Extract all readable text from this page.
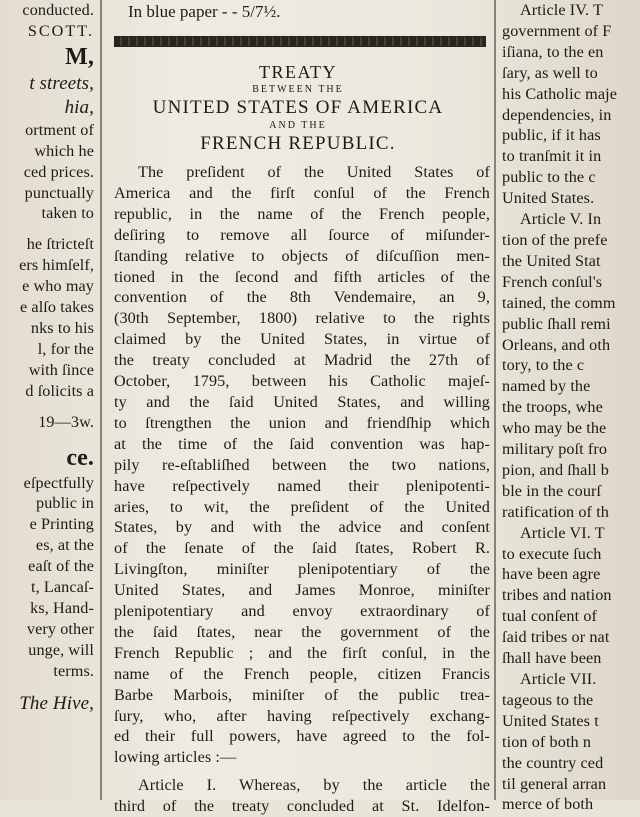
conducted.
SCOTT.
M,
t streets,
hia,
ortment of
which he
ced prices.
punctually
taken to
he ſtricteſt
ers himſelf,
e who may
e alſo takes
nks to his
l, for the
with ſince
d ſolicits a
19—3w.
ce.
eſpectfully
public in
e Printing
es, at the
eaſt of the
t, Lancaſ-
ks, Hand-
very other
unge, will
terms.
The Hive,
In blue paper - - 5/7½.
TREATY
BETWEEN THE
UNITED STATES OF AMERICA
AND THE
FRENCH REPUBLIC.
The preſident of the United States of
America and the firſt conſul of the French
republic, in the name of the French people,
deſiring to remove all ſource of miſunder-
ſtanding relative to objects of diſcuſſion men-
tioned in the ſecond and fifth articles of the
convention of the 8th Vendemaire, an 9,
(30th September, 1800) relative to the rights
claimed by the United States, in virtue of
the treaty concluded at Madrid the 27th of
October, 1795, between his Catholic majeſ-
ty and the ſaid United States, and willing
to ſtrengthen the union and friendſhip which
at the time of the ſaid convention was hap-
pily re-eſtabliſhed between the two nations,
have reſpectively named their plenipotenti-
aries, to wit, the preſident of the United
States, by and with the advice and conſent
of the ſenate of the ſaid ſtates, Robert R.
Livingſton, miniſter plenipotentiary of the
United States, and James Monroe, miniſter
plenipotentiary and envoy extraordinary of
the ſaid ſtates, near the government of the
French Republic ; and the firſt conſul, in the
name of the French people, citizen Francis
Barbe Marbois, miniſter of the public trea-
ſury, who, after having reſpectively exchang-
ed their full powers, have agreed to the fol-
lowing articles :—
Article I. Whereas, by the article the
third of the treaty concluded at St. Idelfon-
Article IV. T
government of F
iſiana, to the en
ſary, as well to
his Catholic maje
dependencies, in
public, if it has
to tranſmit it in
public to the c
United States.
Article V. In
tion of the prefe
the United Stat
French conſul's
tained, the comm
public ſhall remi
Orleans, and oth
tory, to the c
named by the
the troops, whe
who may be the
military poſt fro
pion, and ſhall b
ble in the courſ
ratification of th
Article VI. T
to execute ſuch
have been agre
tribes and nation
tual conſent of
ſaid tribes or nat
ſhall have been
Article VII.
tageous to the
United States t
tion of both n
the country ced
til general arran
merce of both
